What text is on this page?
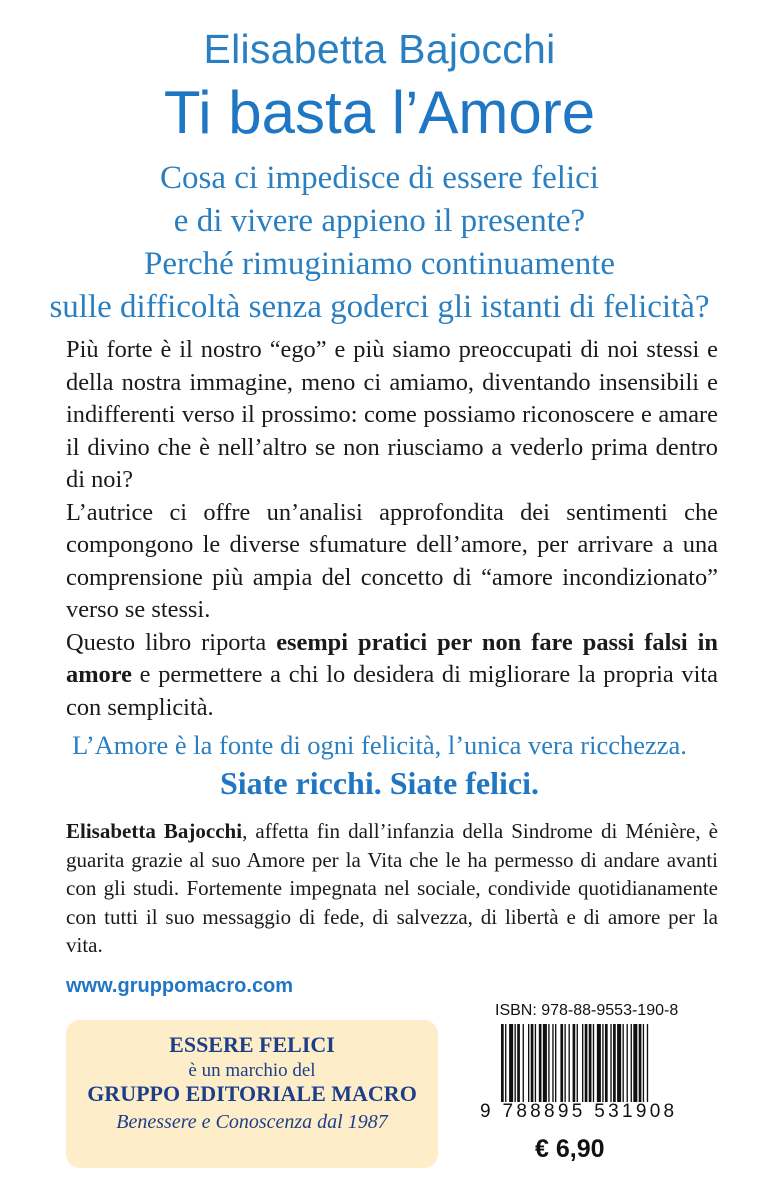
Elisabetta Bajocchi
Ti basta l’Amore
Cosa ci impedisce di essere felici
e di vivere appieno il presente?
Perché rimuginiamo continuamente
sulle difficoltà senza goderci gli istanti di felicità?

Più forte è il nostro “ego” e più siamo preoccupati di noi stessi e della nostra immagine, meno ci amiamo, diventando insensibili e indifferenti verso il prossimo: come possiamo riconoscere e amare il divino che è nell’altro se non riusciamo a vederlo prima dentro di noi?

L’autrice ci offre un’analisi approfondita dei sentimenti che compongono le diverse sfumature dell’amore, per arrivare a una comprensione più ampia del concetto di “amore incondizionato” verso se stessi.

Questo libro riporta esempi pratici per non fare passi falsi in amore e permettere a chi lo desidera di migliorare la propria vita con semplicità.

L’Amore è la fonte di ogni felicità, l’unica vera ricchezza.
Siate ricchi. Siate felici.
Elisabetta Bajocchi, affetta fin dall’infanzia della Sindrome di Ménière, è guarita grazie al suo Amore per la Vita che le ha permesso di andare avanti con gli studi. Fortemente impegnata nel sociale, condivide quotidianamente con tutti il suo messaggio di fede, di salvezza, di libertà e di amore per la vita.
www.gruppomacro.com
ESSERE FELICI
è un marchio del
GRUPPO EDITORIALE MACRO
Benessere e Conoscenza dal 1987
ISBN: 978-88-9553-190-8
9 788895 531908
€ 6,90
